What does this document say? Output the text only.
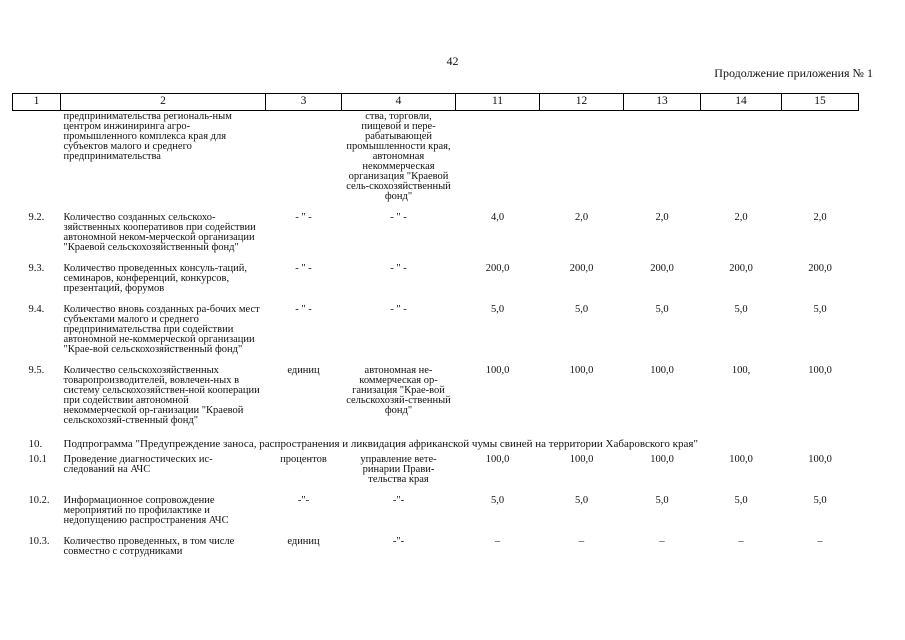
42
Продолжение приложения № 1
1	2	3	4	11	12	13	14	15
	предпринимательства региональ-ным центром инжиниринга агро-промышленного комплекса края для субъектов малого и среднего предпринимательства		ства, торговли, пищевой и пере-рабатывающей промышленности края, автономная некоммерческая организация "Краевой сель-скохозяйственный фонд"					
9.2.	Количество созданных сельскохо-зяйственных кооперативов при содействии автономной неком-мерческой организации "Краевой сельскохозяйственный фонд"	- " -	- " -	4,0	2,0	2,0	2,0	2,0
9.3.	Количество проведенных консуль-таций, семинаров, конференций, конкурсов, презентаций, форумов	- " -	- " -	200,0	200,0	200,0	200,0	200,0
9.4.	Количество вновь созданных ра-бочих мест субъектами малого и среднего предпринимательства при содействии автономной не-коммерческой организации "Крае-вой сельскохозяйственный фонд"	- " -	- " -	5,0	5,0	5,0	5,0	5,0
9.5.	Количество сельскохозяйственных товаропроизводителей, вовлечен-ных в систему сельскохозяйствен-ной кооперации при содействии автономной некоммерческой ор-ганизации "Краевой сельскохозяй-ственный фонд"	единиц	автономная не-коммерческая ор-ганизация "Крае-вой сельскохозяй-ственный фонд"	100,0	100,0	100,0	100,	100,0
10.	Подпрограмма "Предупреждение заноса, распространения и ликвидация африканской чумы свиней на территории Хабаровского края"							
10.1	Проведение диагностических ис-следований на АЧС	процентов	управление вете-ринарии Прави-тельства края	100,0	100,0	100,0	100,0	100,0
10.2.	Информационное сопровождение мероприятий по профилактике и недопущению распространения АЧС	-"-	-"-	5,0	5,0	5,0	5,0	5,0
10.3.	Количество проведенных, в том числе совместно с сотрудниками	единиц	-"-	–	–	–	–	–
